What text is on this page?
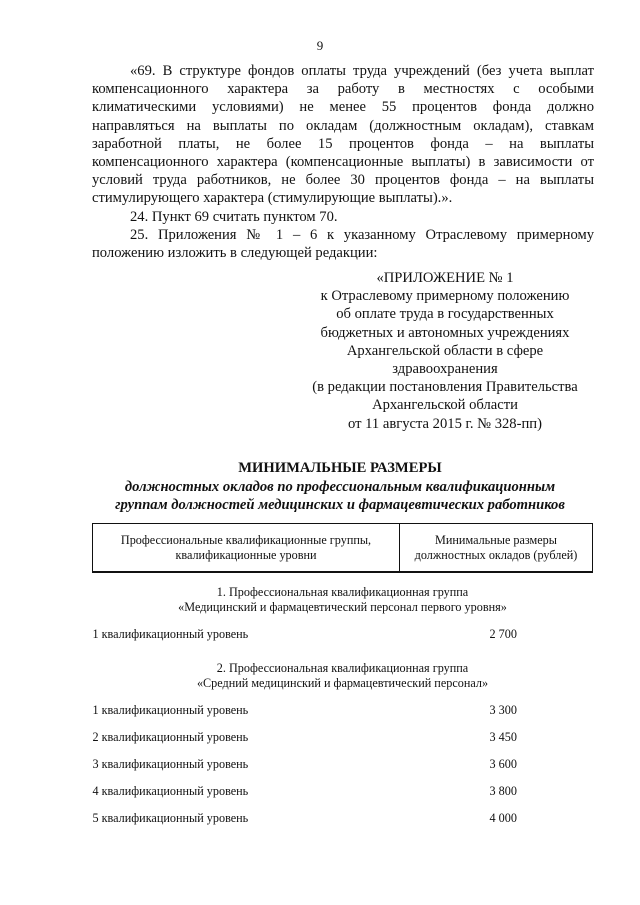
9

«69. В структуре фондов оплаты труда учреждений (без учета выплат компенсационного характера за работу в местностях с особыми климатическими условиями) не менее 55 процентов фонда должно направляться на выплаты по окладам (должностным окладам), ставкам заработной платы, не более 15 процентов фонда – на выплаты компенсационного характера (компенсационные выплаты) в зависимости от условий труда работников, не более 30 процентов фонда – на выплаты стимулирующего характера (стимулирующие выплаты).».

24. Пункт 69 считать пунктом 70.

25. Приложения № 1 – 6 к указанному Отраслевому примерному положению изложить в следующей редакции:

«ПРИЛОЖЕНИЕ № 1
к Отраслевому примерному положению
об оплате труда в государственных
бюджетных и автономных учреждениях
Архангельской области в сфере
здравоохранения
(в редакции постановления Правительства
Архангельской области
от 11 августа 2015 г. № 328-пп)
МИНИМАЛЬНЫЕ РАЗМЕРЫ
должностных окладов по профессиональным квалификационным
группам должностей медицинских и фармацевтических работников
Профессиональные квалификационные группы,
квалификационные уровни	Минимальные размеры
должностных окладов (рублей)
1. Профессиональная квалификационная группа
«Медицинский и фармацевтический персонал первого уровня»	
1 квалификационный уровень	2 700
2. Профессиональная квалификационная группа
«Средний медицинский и фармацевтический персонал»	
1 квалификационный уровень	3 300
2 квалификационный уровень	3 450
3 квалификационный уровень	3 600
4 квалификационный уровень	3 800
5 квалификационный уровень	4 000
